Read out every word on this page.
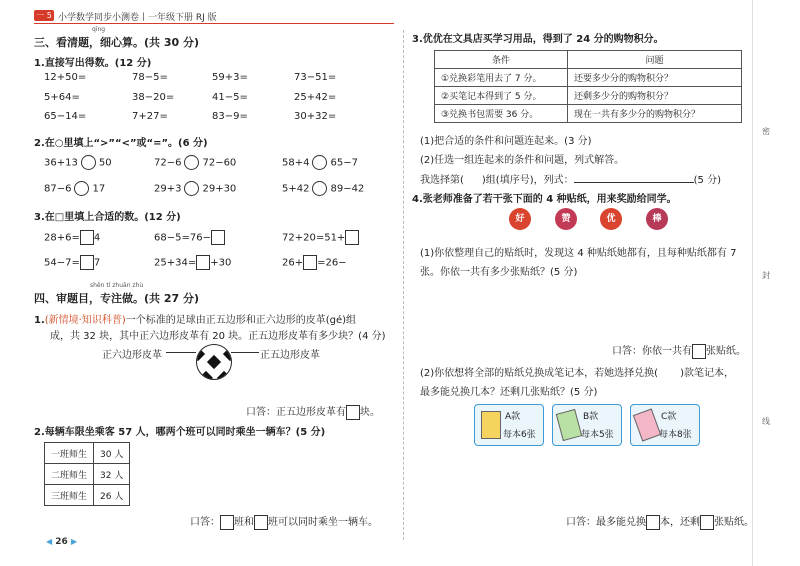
一 5 小学数学同步小测卷丨一年级下册 RJ 版
qīng
三、看清题，细心算。(共 30 分)
1.直接写出得数。(12 分)
12+50=	78−5=	59+3=	73−51=
5+64=	38−20=	41−5=	25+42=
65−14=	7+27=	83−9=	30+32=
2.在○里填上“>”“<”或“=”。(6 分)
36+13 50	72−6 72−60	58+4 65−7
87−6 17	29+3 29+30	5+42 89−42
3.在□里填上合适的数。(12 分)
28+6= 4	68−5=76−	72+20=51+
54−7= 7	25+34= +30	26+ =26−
shěn tí zhuān zhù
四、审题目，专注做。(共 27 分)
1.(新情境·知识科普)一个标准的足球由正五边形和正六边形的皮革(gé)组
成，共 32 块，其中正六边形皮革有 20 块。正五边形皮革有多少块？(4 分)
正六边形皮革	正五边形皮革
口答：正五边形皮革有 块。
2.每辆车限坐乘客 57 人，哪两个班可以同时乘坐一辆车？(5 分)
一班师生	30 人
二班师生	32 人
三班师生	26 人
口答： 班和 班可以同时乘坐一辆车。
◀ 26 ▶
3.优优在文具店买学习用品，得到了 24 分的购物积分。
条件	问题
①兑换彩笔用去了 7 分。	还要多少分的购物积分？
②买笔记本得到了 5 分。	还剩多少分的购物积分？
③兑换书包需要 36 分。	现在一共有多少分的购物积分？
(1)把合适的条件和问题连起来。(3 分)
(2)任选一组连起来的条件和问题，列式解答。
我选择第( )组(填序号)，列式：	(5 分)
4.张老师准备了若干张下面的 4 种贴纸，用来奖励给同学。
好	赞	优	棒
(1)你依整理自己的贴纸时，发现这 4 种贴纸她都有，且每种贴纸都有 7
张。你依一共有多少张贴纸？(5 分)
口答：你依一共有 张贴纸。
(2)你依想将全部的贴纸兑换成笔记本，若她选择兑换( )款笔记本，
最多能兑换几本？还剩几张贴纸？(5 分)
A款
每本6张
B款
每本5张
C款
每本8张
口答：最多能兑换 本，还剩 张贴纸。
密
封
线
